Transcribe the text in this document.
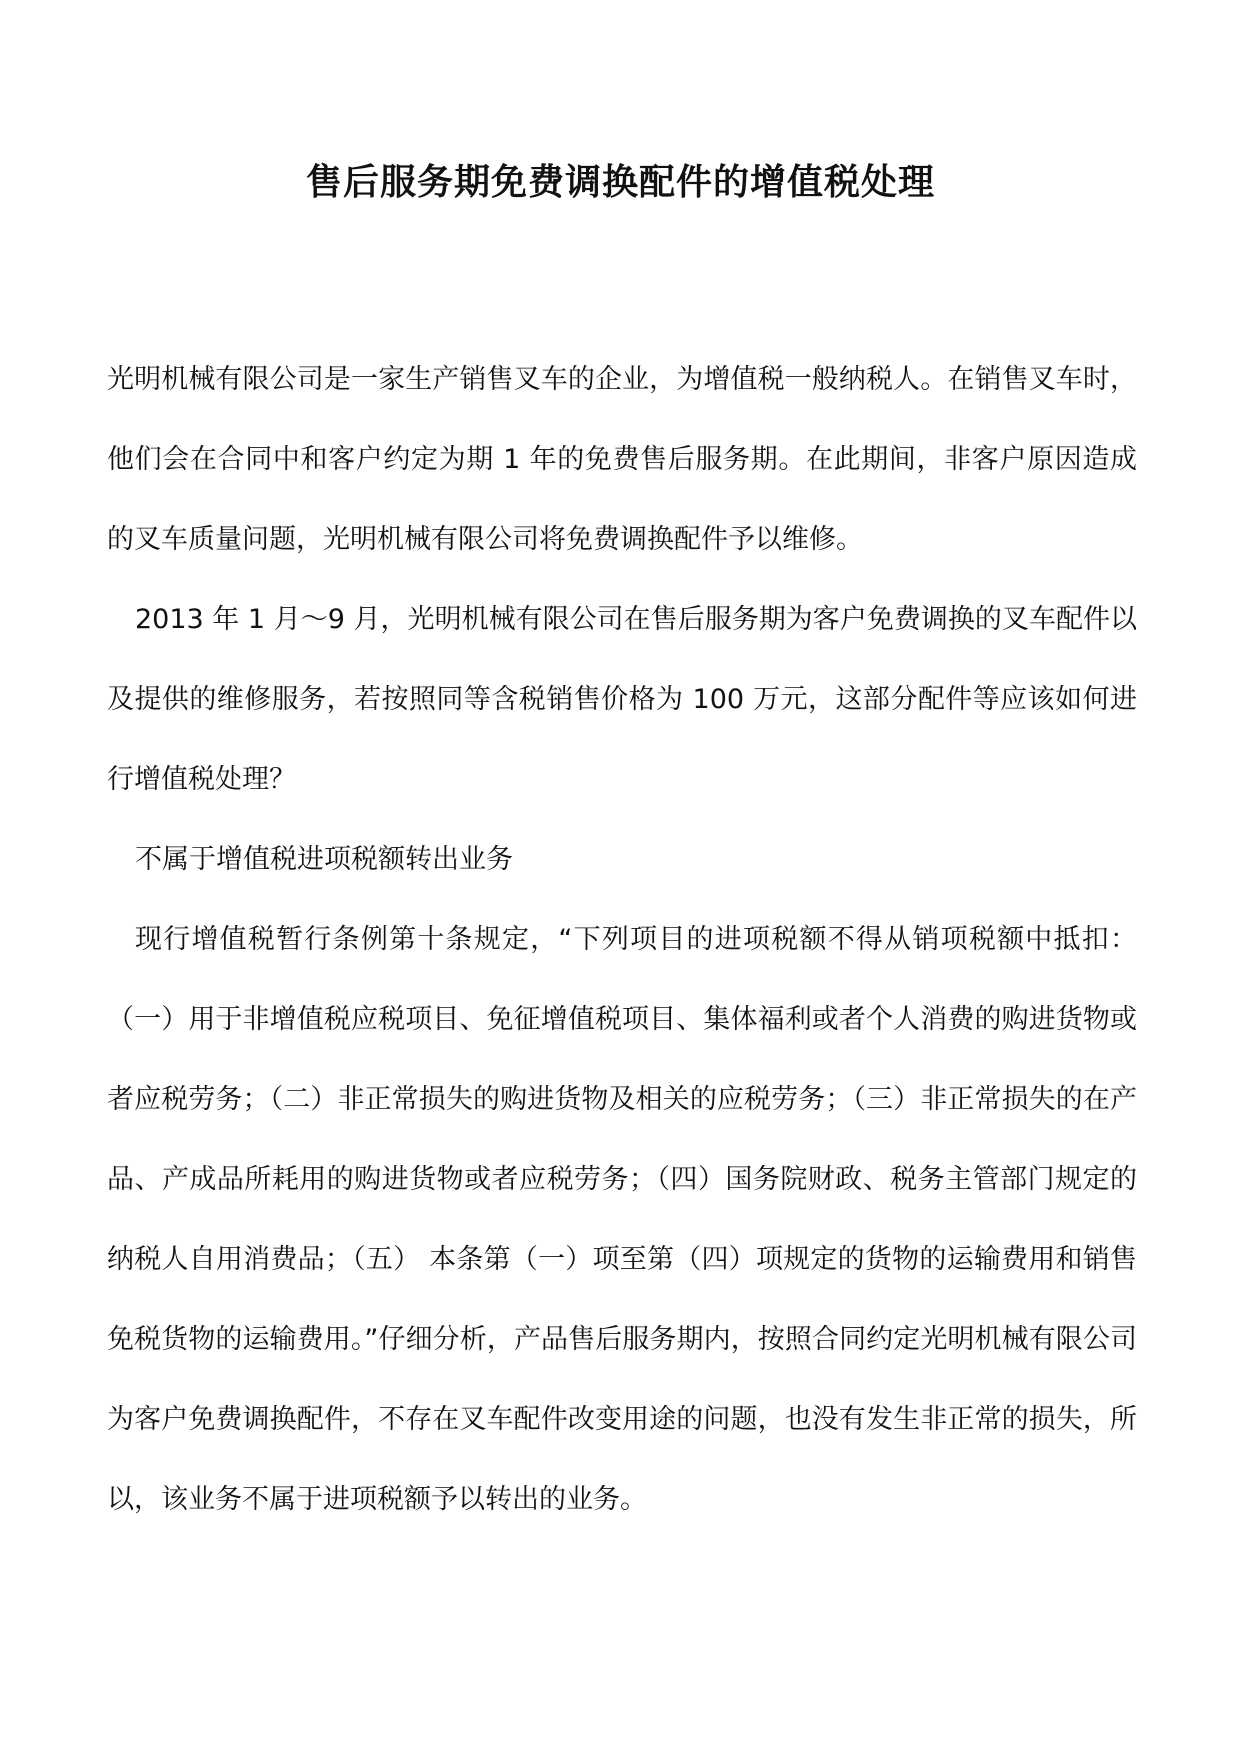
售后服务期免费调换配件的增值税处理

光明机械有限公司是一家生产销售叉车的企业，为增值税一般纳税人。在销售叉车时，他们会在合同中和客户约定为期 1 年的免费售后服务期。在此期间，非客户原因造成的叉车质量问题，光明机械有限公司将免费调换配件予以维修。

2013 年 1 月～9 月，光明机械有限公司在售后服务期为客户免费调换的叉车配件以及提供的维修服务，若按照同等含税销售价格为 100 万元，这部分配件等应该如何进行增值税处理？

不属于增值税进项税额转出业务

现行增值税暂行条例第十条规定，“下列项目的进项税额不得从销项税额中抵扣：（一）用于非增值税应税项目、免征增值税项目、集体福利或者个人消费的购进货物或者应税劳务；（二）非正常损失的购进货物及相关的应税劳务；（三）非正常损失的在产品、产成品所耗用的购进货物或者应税劳务；（四）国务院财政、税务主管部门规定的纳税人自用消费品；（五） 本条第（一）项至第（四）项规定的货物的运输费用和销售免税货物的运输费用。”仔细分析，产品售后服务期内，按照合同约定光明机械有限公司为客户免费调换配件，不存在叉车配件改变用途的问题，也没有发生非正常的损失，所以，该业务不属于进项税额予以转出的业务。
